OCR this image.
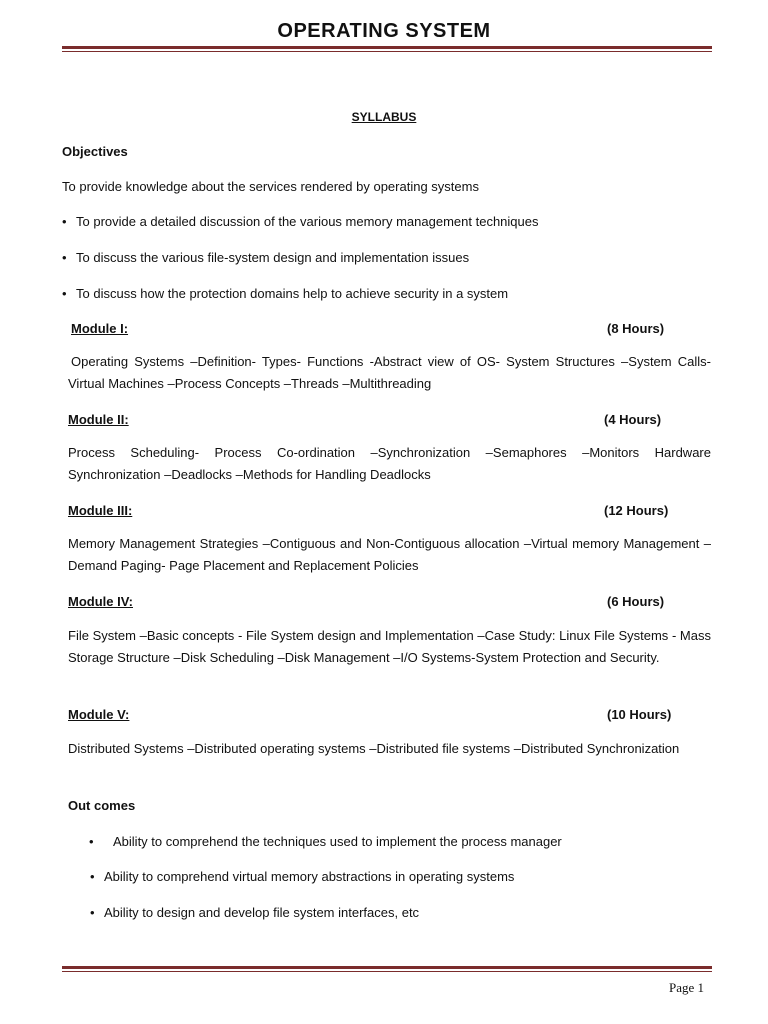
OPERATING SYSTEM
SYLLABUS
Objectives
To provide knowledge about the services rendered by operating systems
• To provide a detailed discussion of the various memory management techniques
• To discuss the various file-system design and implementation issues
• To discuss how the protection domains help to achieve security in a system
Module I:	(8 Hours)
Operating Systems –Definition- Types- Functions -Abstract view of OS- System Structures –System Calls- Virtual Machines –Process Concepts –Threads –Multithreading
Module II:	(4 Hours)
Process Scheduling- Process Co-ordination –Synchronization –Semaphores –Monitors Hardware Synchronization –Deadlocks –Methods for Handling Deadlocks
Module III:	(12 Hours)
Memory Management Strategies –Contiguous and Non-Contiguous allocation –Virtual memory Management –Demand Paging- Page Placement and Replacement Policies
Module IV:	(6 Hours)
File System –Basic concepts - File System design and Implementation –Case Study: Linux File Systems - Mass Storage Structure –Disk Scheduling –Disk Management –I/O Systems-System Protection and Security.
Module V:	(10 Hours)
Distributed Systems –Distributed operating systems –Distributed file systems –Distributed Synchronization
Out comes
• Ability to comprehend the techniques used to implement the process manager
• Ability to comprehend virtual memory abstractions in operating systems
• Ability to design and develop file system interfaces, etc
Page 1
